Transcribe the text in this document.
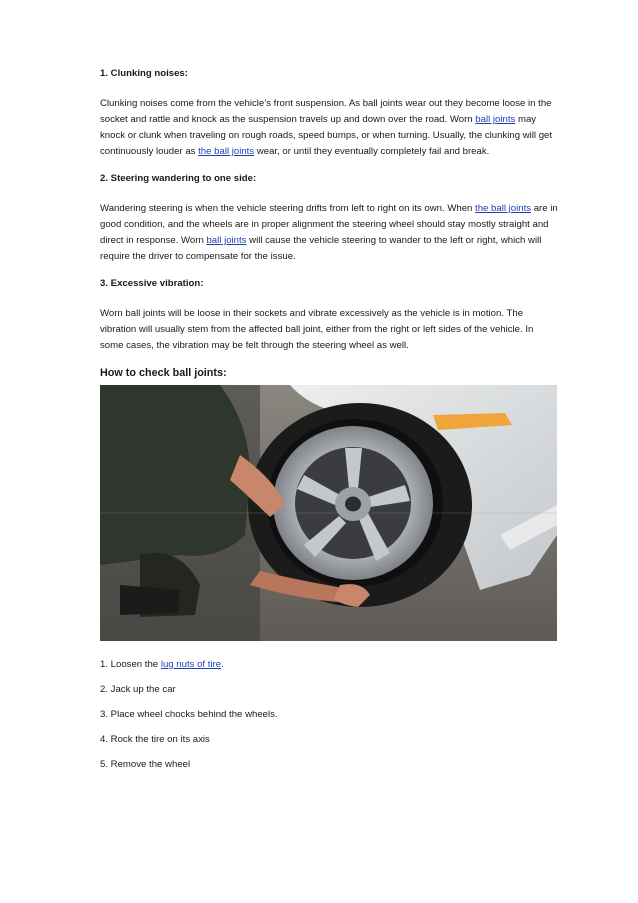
1. Clunking noises:

Clunking noises come from the vehicle’s front suspension. As ball joints wear out they become loose in the socket and rattle and knock as the suspension travels up and down over the road. Worn ball joints may knock or clunk when traveling on rough roads, speed bumps, or when turning. Usually, the clunking will get continuously louder as the ball joints wear, or until they eventually completely fail and break.

2. Steering wandering to one side:

Wandering steering is when the vehicle steering drifts from left to right on its own. When the ball joints are in good condition, and the wheels are in proper alignment the steering wheel should stay mostly straight and direct in response. Worn ball joints will cause the vehicle steering to wander to the left or right, which will require the driver to compensate for the issue.

3. Excessive vibration:

Worn ball joints will be loose in their sockets and vibrate excessively as the vehicle is in motion. The vibration will usually stem from the affected ball joint, either from the right or left sides of the vehicle. In some cases, the vibration may be felt through the steering wheel as well.

How to check ball joints:
1. Loosen the lug nuts of tire.
2. Jack up the car
3. Place wheel chocks behind the wheels.
4. Rock the tire on its axis
5. Remove the wheel
